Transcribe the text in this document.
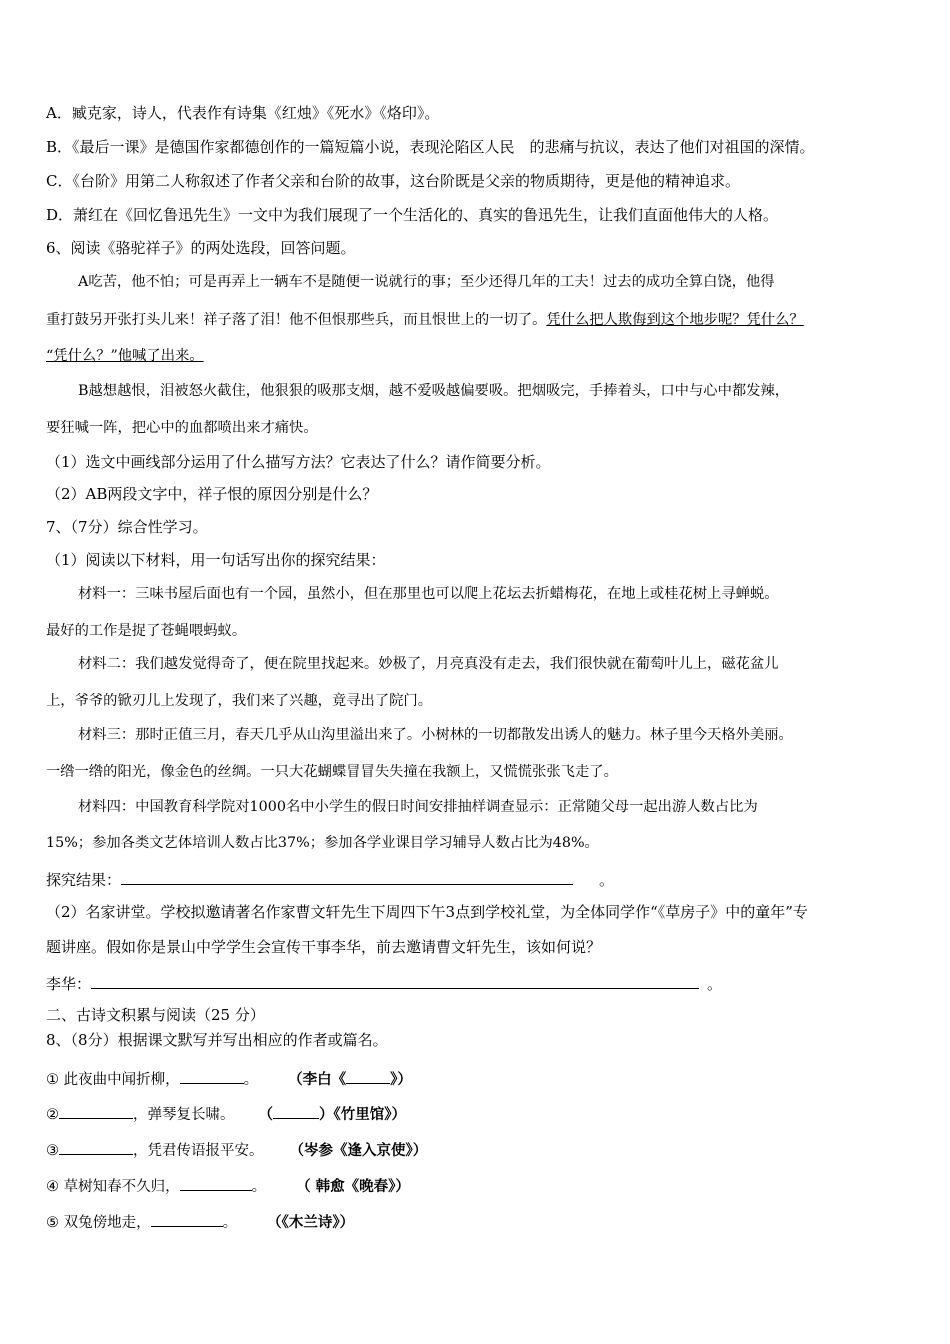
A．臧克家，诗人，代表作有诗集《红烛》《死水》《烙印》。
B．《最后一课》是德国作家都德创作的一篇短篇小说，表现沦陷区人民　的悲痛与抗议，表达了他们对祖国的深情。
C．《台阶》用第二人称叙述了作者父亲和台阶的故事，这台阶既是父亲的物质期待，更是他的精神追求。
D．萧红在《回忆鲁迅先生》一文中为我们展现了一个生活化的、真实的鲁迅先生，让我们直面他伟大的人格。
6、阅读《骆驼祥子》的两处选段，回答问题。
A吃苦，他不怕；可是再弄上一辆车不是随便一说就行的事；至少还得几年的工夫！过去的成功全算白饶，他得
重打鼓另开张打头儿来！祥子落了泪！他不但恨那些兵，而且恨世上的一切了。凭什么把人欺侮到这个地步呢？凭什么？
“凭什么？”他喊了出来。
B越想越恨，泪被怒火截住，他狠狠的吸那支烟，越不爱吸越偏要吸。把烟吸完，手捧着头，口中与心中都发辣，
要狂喊一阵，把心中的血都喷出来才痛快。
（1）选文中画线部分运用了什么描写方法？它表达了什么？请作简要分析。
（2）AB两段文字中，祥子恨的原因分别是什么？
7、（7分）综合性学习。
（1）阅读以下材料，用一句话写出你的探究结果：
材料一：三味书屋后面也有一个园，虽然小，但在那里也可以爬上花坛去折蜡梅花，在地上或桂花树上寻蝉蜕。
最好的工作是捉了苍蝇喂蚂蚁。
材料二：我们越发觉得奇了，便在院里找起来。妙极了，月亮真没有走去，我们很快就在葡萄叶儿上，磁花盆儿
上，爷爷的锨刃儿上发现了，我们来了兴趣，竟寻出了院门。
材料三：那时正值三月，春天几乎从山沟里溢出来了。小树林的一切都散发出诱人的魅力。林子里今天格外美丽。
一绺一绺的阳光，像金色的丝绸。一只大花蝴蝶冒冒失失撞在我额上，又慌慌张张飞走了。
材料四：中国教育科学院对1000名中小学生的假日时间安排抽样调查显示：正常随父母一起出游人数占比为
15%；参加各类文艺体培训人数占比37%；参加各学业课目学习辅导人数占比为48%。
探究结果：	。
（2）名家讲堂。学校拟邀请著名作家曹文轩先生下周四下午3点到学校礼堂，为全体同学作“《草房子》中的童年”专
题讲座。假如你是景山中学学生会宣传干事李华，前去邀请曹文轩先生，该如何说？
李华：	。
二、古诗文积累与阅读（25 分）
8、（8分）根据课文默写并写出相应的作者或篇名。
① 此夜曲中闻折柳，	。 （李白《	》）
②	，弹琴复长啸。 （	）《竹里馆》）
③	，凭君传语报平安。 （岑参《逢入京使》）
④ 草树知春不久归，	。 （ 韩愈《晚春》）
⑤ 双兔傍地走，	。 （《木兰诗》）
